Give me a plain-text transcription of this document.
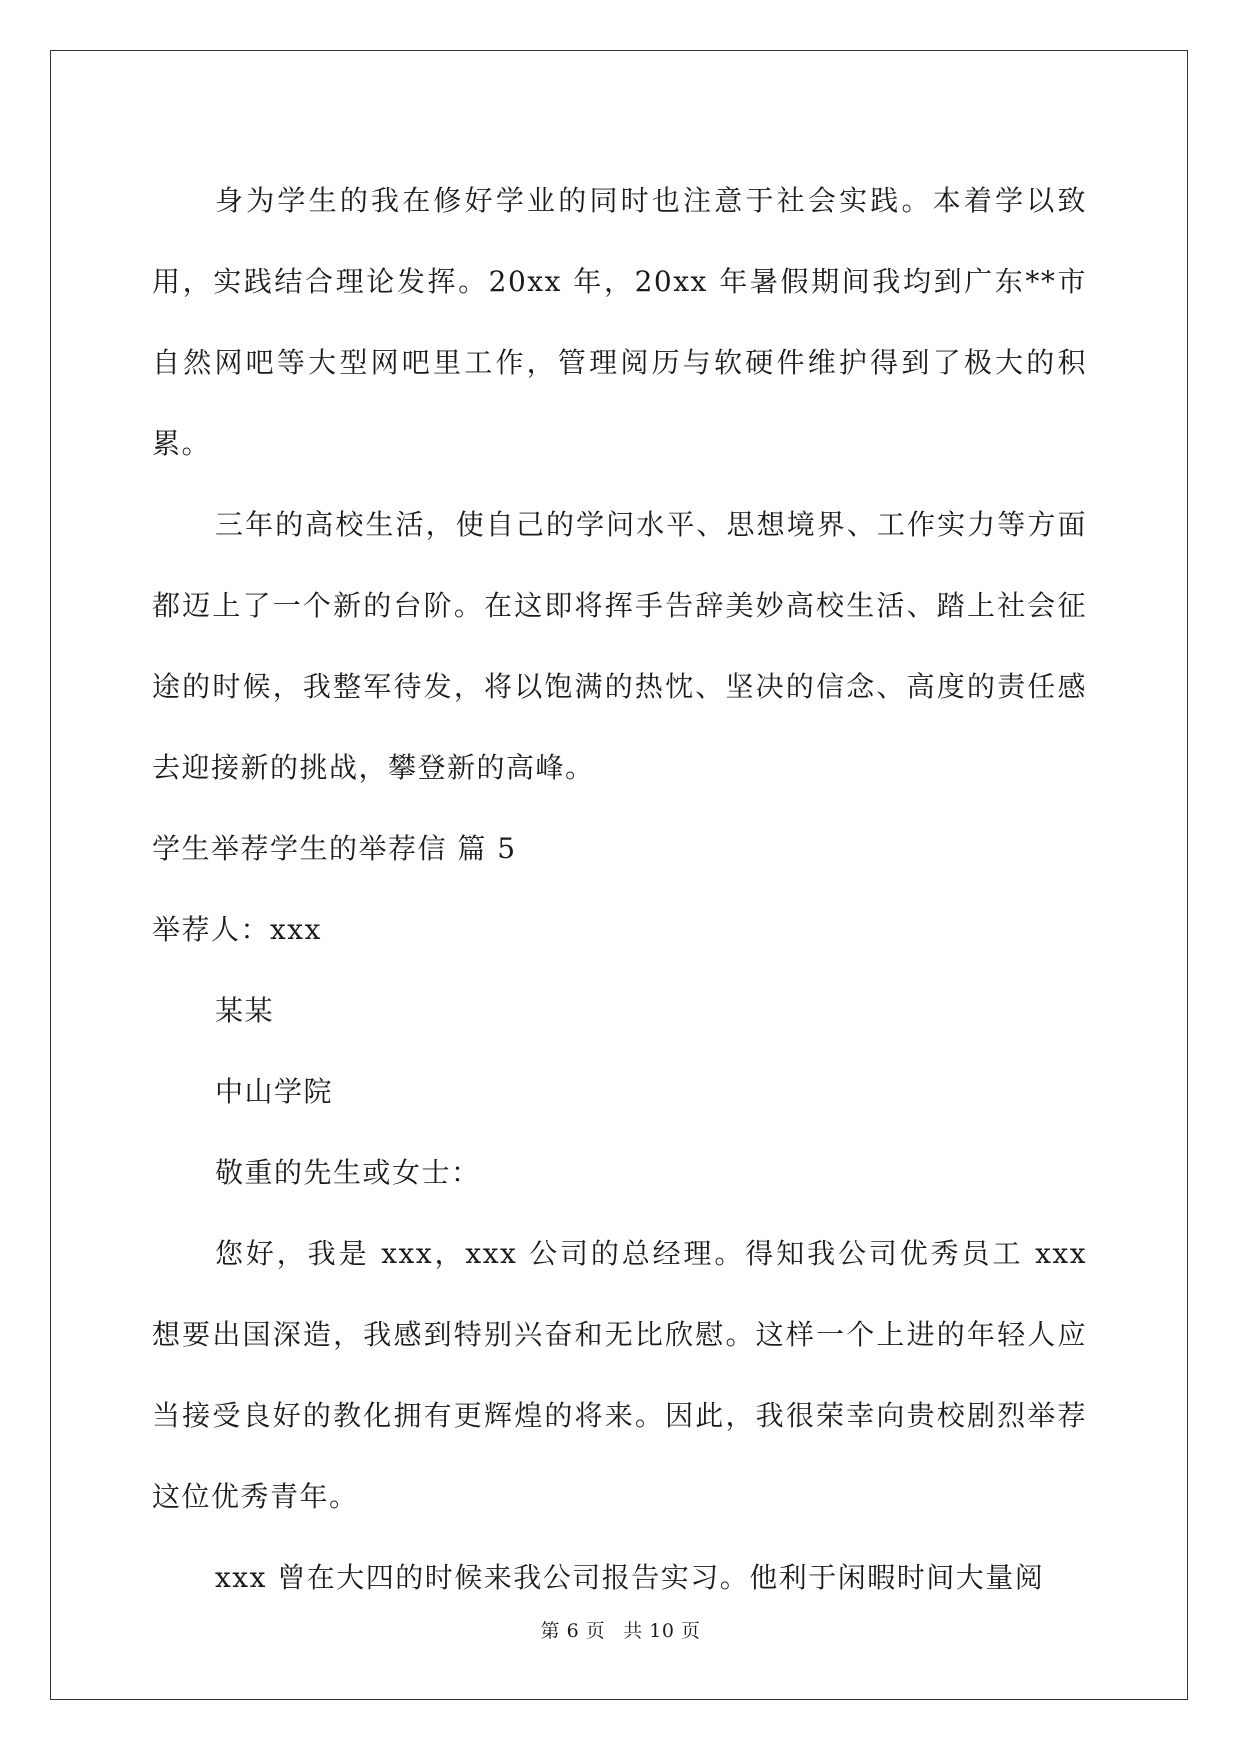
身为学生的我在修好学业的同时也注意于社会实践。本着学以致用，实践结合理论发挥。20xx 年，20xx 年暑假期间我均到广东**市自然网吧等大型网吧里工作，管理阅历与软硬件维护得到了极大的积累。

三年的高校生活，使自己的学问水平、思想境界、工作实力等方面都迈上了一个新的台阶。在这即将挥手告辞美妙高校生活、踏上社会征途的时候，我整军待发，将以饱满的热忱、坚决的信念、高度的责任感去迎接新的挑战，攀登新的高峰。

学生举荐学生的举荐信 篇 5

举荐人：xxx

某某

中山学院

敬重的先生或女士：

您好，我是 xxx，xxx 公司的总经理。得知我公司优秀员工 xxx 想要出国深造，我感到特别兴奋和无比欣慰。这样一个上进的年轻人应当接受良好的教化拥有更辉煌的将来。因此，我很荣幸向贵校剧烈举荐这位优秀青年。

xxx 曾在大四的时候来我公司报告实习。他利于闲暇时间大量阅

第 6 页 共 10 页
